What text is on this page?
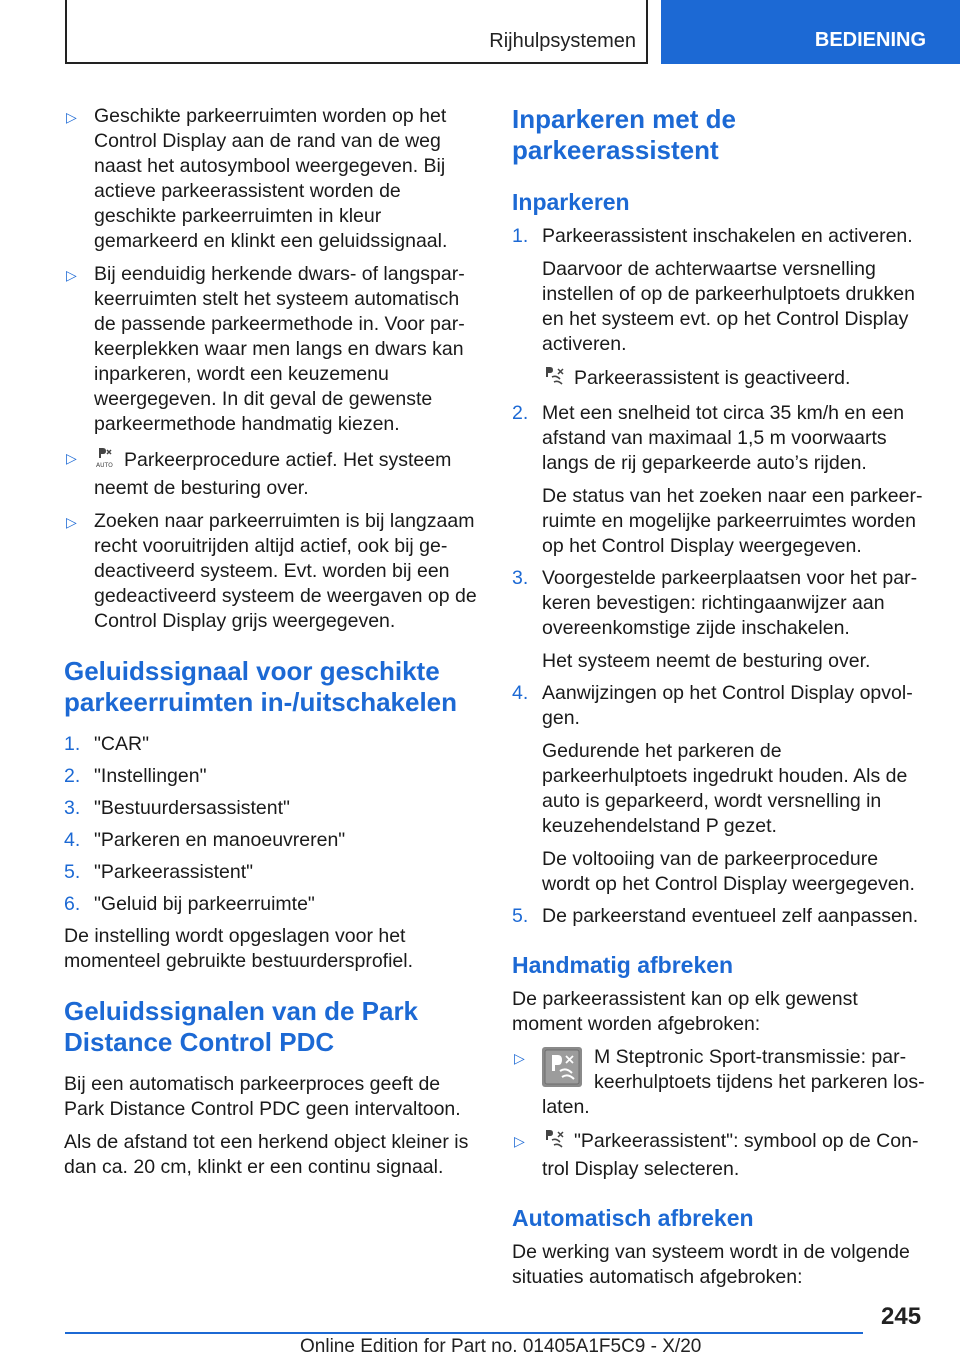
Rijhulpsystemen	BEDIENING
▷ Geschikte parkeerruimten worden op het Control Display aan de rand van de weg naast het autosymbool weergegeven. Bij actieve parkeerassistent worden de geschikte parkeerruimten in kleur gemarkeerd en klinkt een geluidssignaal.
▷ Bij eenduidig herkende dwars- of langsparkeerruimten stelt het systeem automatisch de passende parkeermethode in. Voor parkeerplekken waar men langs en dwars kan inparkeren, wordt een keuzemenu weergegeven. In dit geval de gewenste parkeermethode handmatig kiezen.
▷	AUTO Parkeerprocedure actief. Het systeem neemt de besturing over.
▷ Zoeken naar parkeerruimten is bij langzaam recht vooruitrijden altijd actief, ook bij gedeactiveerd systeem. Evt. worden bij een gedeactiveerd systeem de weergaven op de Control Display grijs weergegeven.
Geluidssignaal voor geschikte parkeerruimten in-/uitschakelen
1. "CAR"
2. "Instellingen"
3. "Bestuurdersassistent"
4. "Parkeren en manoeuvreren"
5. "Parkeerassistent"
6. "Geluid bij parkeerruimte"

De instelling wordt opgeslagen voor het momenteel gebruikte bestuurdersprofiel.

Geluidssignalen van de Park Distance Control PDC

Bij een automatisch parkeerproces geeft de Park Distance Control PDC geen intervaltoon.

Als de afstand tot een herkend object kleiner is dan ca. 20 cm, klinkt er een continu signaal.

Inparkeren met de parkeerassistent
Inparkeren
1. Parkeerassistent inschakelen en activeren.
Daarvoor de achterwaartse versnelling instellen of op de parkeerhulptoets drukken en het systeem evt. op het Control Display activeren.
Parkeerassistent is geactiveerd.
2. Met een snelheid tot circa 35 km/h en een afstand van maximaal 1,5 m voorwaarts langs de rij geparkeerde auto’s rijden.
De status van het zoeken naar een parkeerruimte en mogelijke parkeerruimtes worden op het Control Display weergegeven.
3. Voorgestelde parkeerplaatsen voor het parkeren bevestigen: richtingaanwijzer aan overeenkomstige zijde inschakelen.
Het systeem neemt de besturing over.
4. Aanwijzingen op het Control Display opvolgen.
Gedurende het parkeren de parkeerhulptoets ingedrukt houden. Als de auto is geparkeerd, wordt versnelling in keuzehendelstand P gezet.
De voltooiing van de parkeerprocedure wordt op het Control Display weergegeven.
5. De parkeerstand eventueel zelf aanpassen.
Handmatig afbreken

De parkeerassistent kan op elk gewenst moment worden afgebroken:

▷	M Steptronic Sport-transmissie: parkeerhulptoets tijdens het parkeren loslaten.
▷	"Parkeerassistent": symbool op de Control Display selecteren.
Automatisch afbreken

De werking van systeem wordt in de volgende situaties automatisch afgebroken:

245
Online Edition for Part no. 01405A1F5C9 - X/20
